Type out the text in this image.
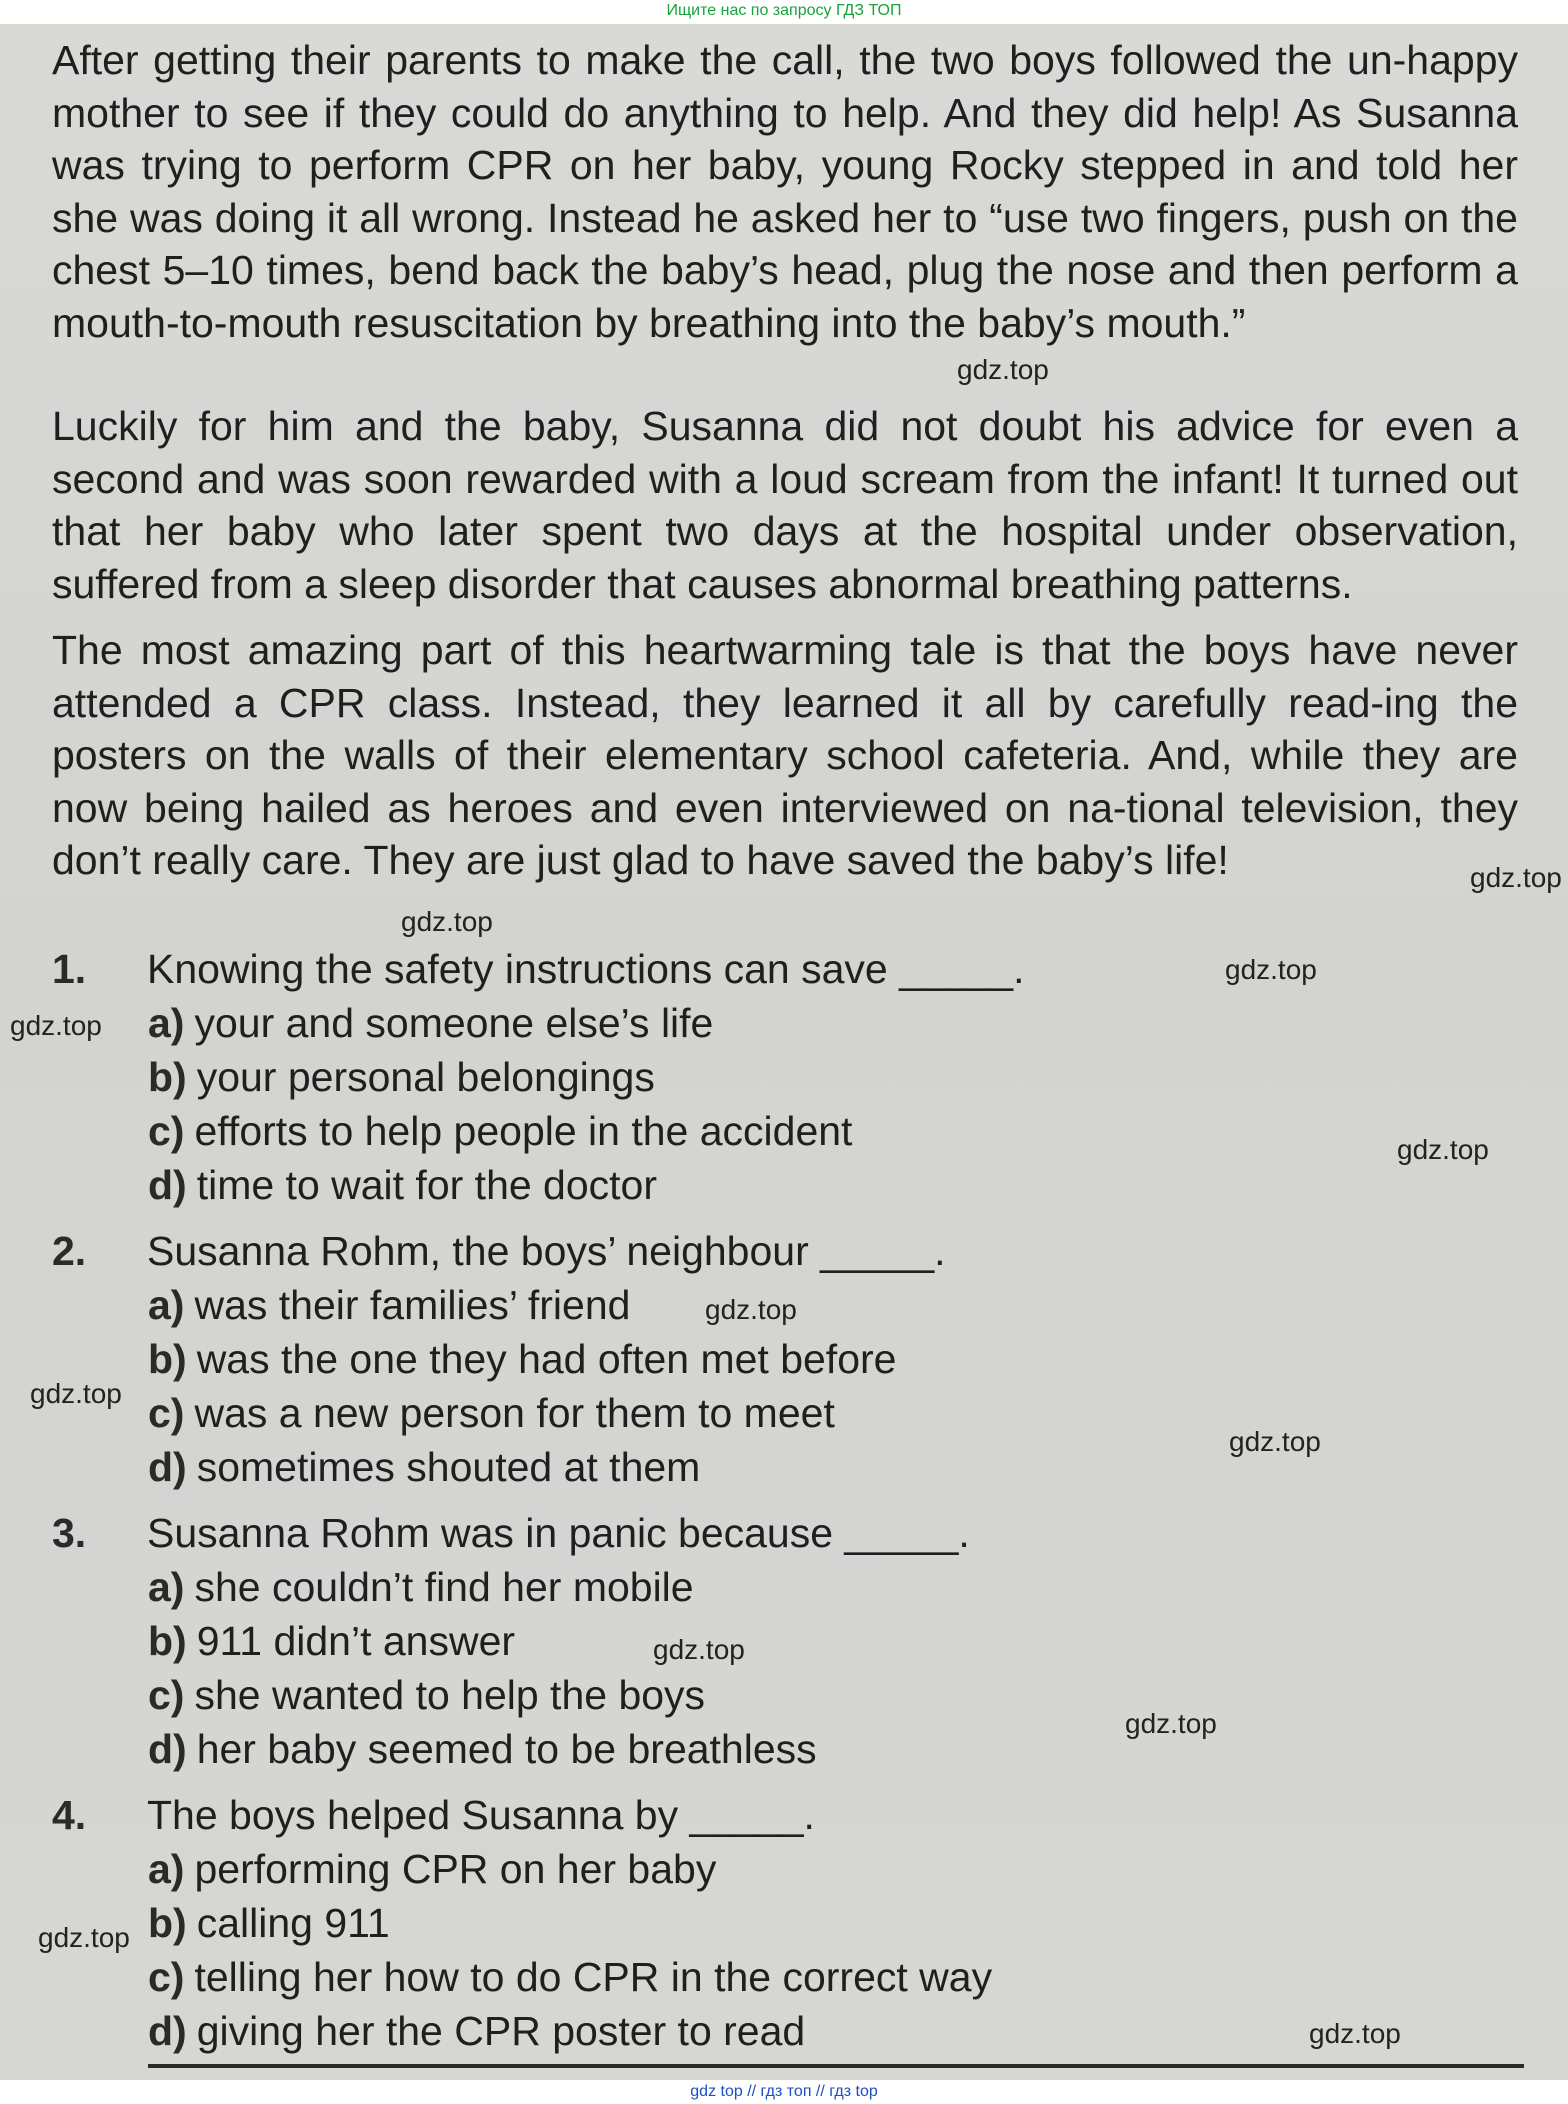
Ищите нас по запросу ГДЗ ТОП

After getting their parents to make the call, the two boys followed the un-happy mother to see if they could do anything to help. And they did help! As Susanna was trying to perform CPR on her baby, young Rocky stepped in and told her she was doing it all wrong. Instead he asked her to “use two fingers, push on the chest 5–10 times, bend back the baby’s head, plug the nose and then perform a mouth-to-mouth resuscitation by breathing into the baby’s mouth.”

Luckily for him and the baby, Susanna did not doubt his advice for even a second and was soon rewarded with a loud scream from the infant! It turned out that her baby who later spent two days at the hospital under observation, suffered from a sleep disorder that causes abnormal breathing patterns.

The most amazing part of this heartwarming tale is that the boys have never attended a CPR class. Instead, they learned it all by carefully read-ing the posters on the walls of their elementary school cafeteria. And, while they are now being hailed as heroes and even interviewed on na-tional television, they don’t really care. They are just glad to have saved the baby’s life!

1. Knowing the safety instructions can save _____.
a) your and someone else’s life
b) your personal belongings
c) efforts to help people in the accident
d) time to wait for the doctor
2. Susanna Rohm, the boys’ neighbour _____.
a) was their families’ friend
b) was the one they had often met before
c) was a new person for them to meet
d) sometimes shouted at them
3. Susanna Rohm was in panic because _____.
a) she couldn’t find her mobile
b) 911 didn’t answer
c) she wanted to help the boys
d) her baby seemed to be breathless
4. The boys helped Susanna by _____.
a) performing CPR on her baby
b) calling 911
c) telling her how to do CPR in the correct way
d) giving her the CPR poster to read
gdz.top
gdz.top
gdz.top
gdz.top
gdz.top
gdz.top
gdz.top
gdz.top
gdz.top
gdz.top
gdz.top
gdz.top
gdz.top
gdz top // гдз топ // гдз top
